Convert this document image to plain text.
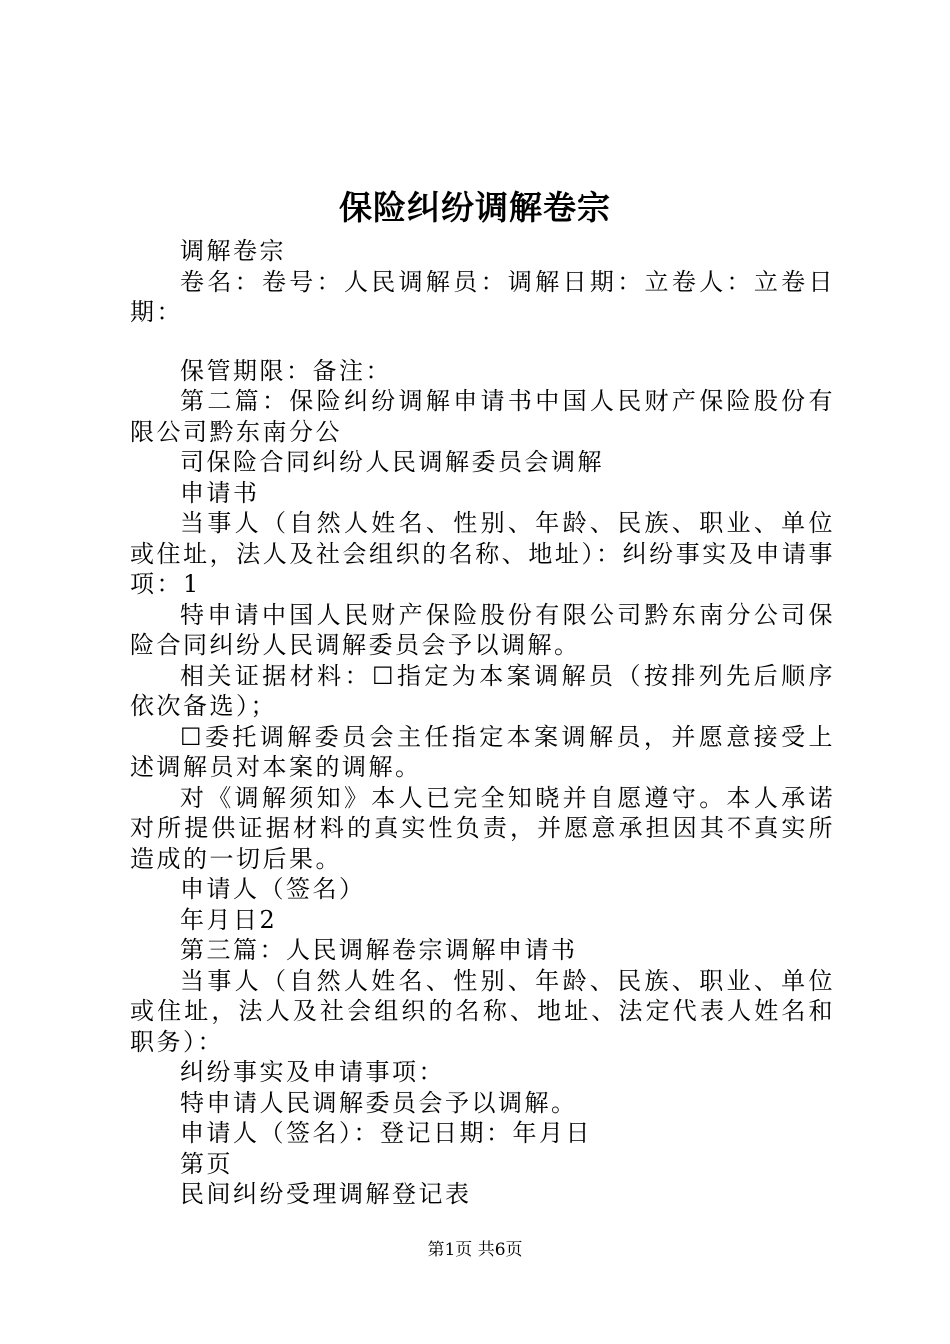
保险纠纷调解卷宗

调解卷宗

卷名：卷号：人民调解员：调解日期：立卷人：立卷日期：

保管期限：备注：

第二篇：保险纠纷调解申请书中国人民财产保险股份有限公司黔东南分公

司保险合同纠纷人民调解委员会调解

申请书

当事人（自然人姓名、性别、年龄、民族、职业、单位或住址，法人及社会组织的名称、地址）：纠纷事实及申请事项：1

特申请中国人民财产保险股份有限公司黔东南分公司保险合同纠纷人民调解委员会予以调解。

相关证据材料：☐指定为本案调解员（按排列先后顺序依次备选）；

☐委托调解委员会主任指定本案调解员，并愿意接受上述调解员对本案的调解。

对《调解须知》本人已完全知晓并自愿遵守。本人承诺对所提供证据材料的真实性负责，并愿意承担因其不真实所造成的一切后果。

申请人（签名）

年月日2

第三篇：人民调解卷宗调解申请书

当事人（自然人姓名、性别、年龄、民族、职业、单位或住址，法人及社会组织的名称、地址、法定代表人姓名和职务）：

纠纷事实及申请事项：

特申请人民调解委员会予以调解。

申请人（签名）：登记日期：年月日

第页

民间纠纷受理调解登记表

第1页 共6页
